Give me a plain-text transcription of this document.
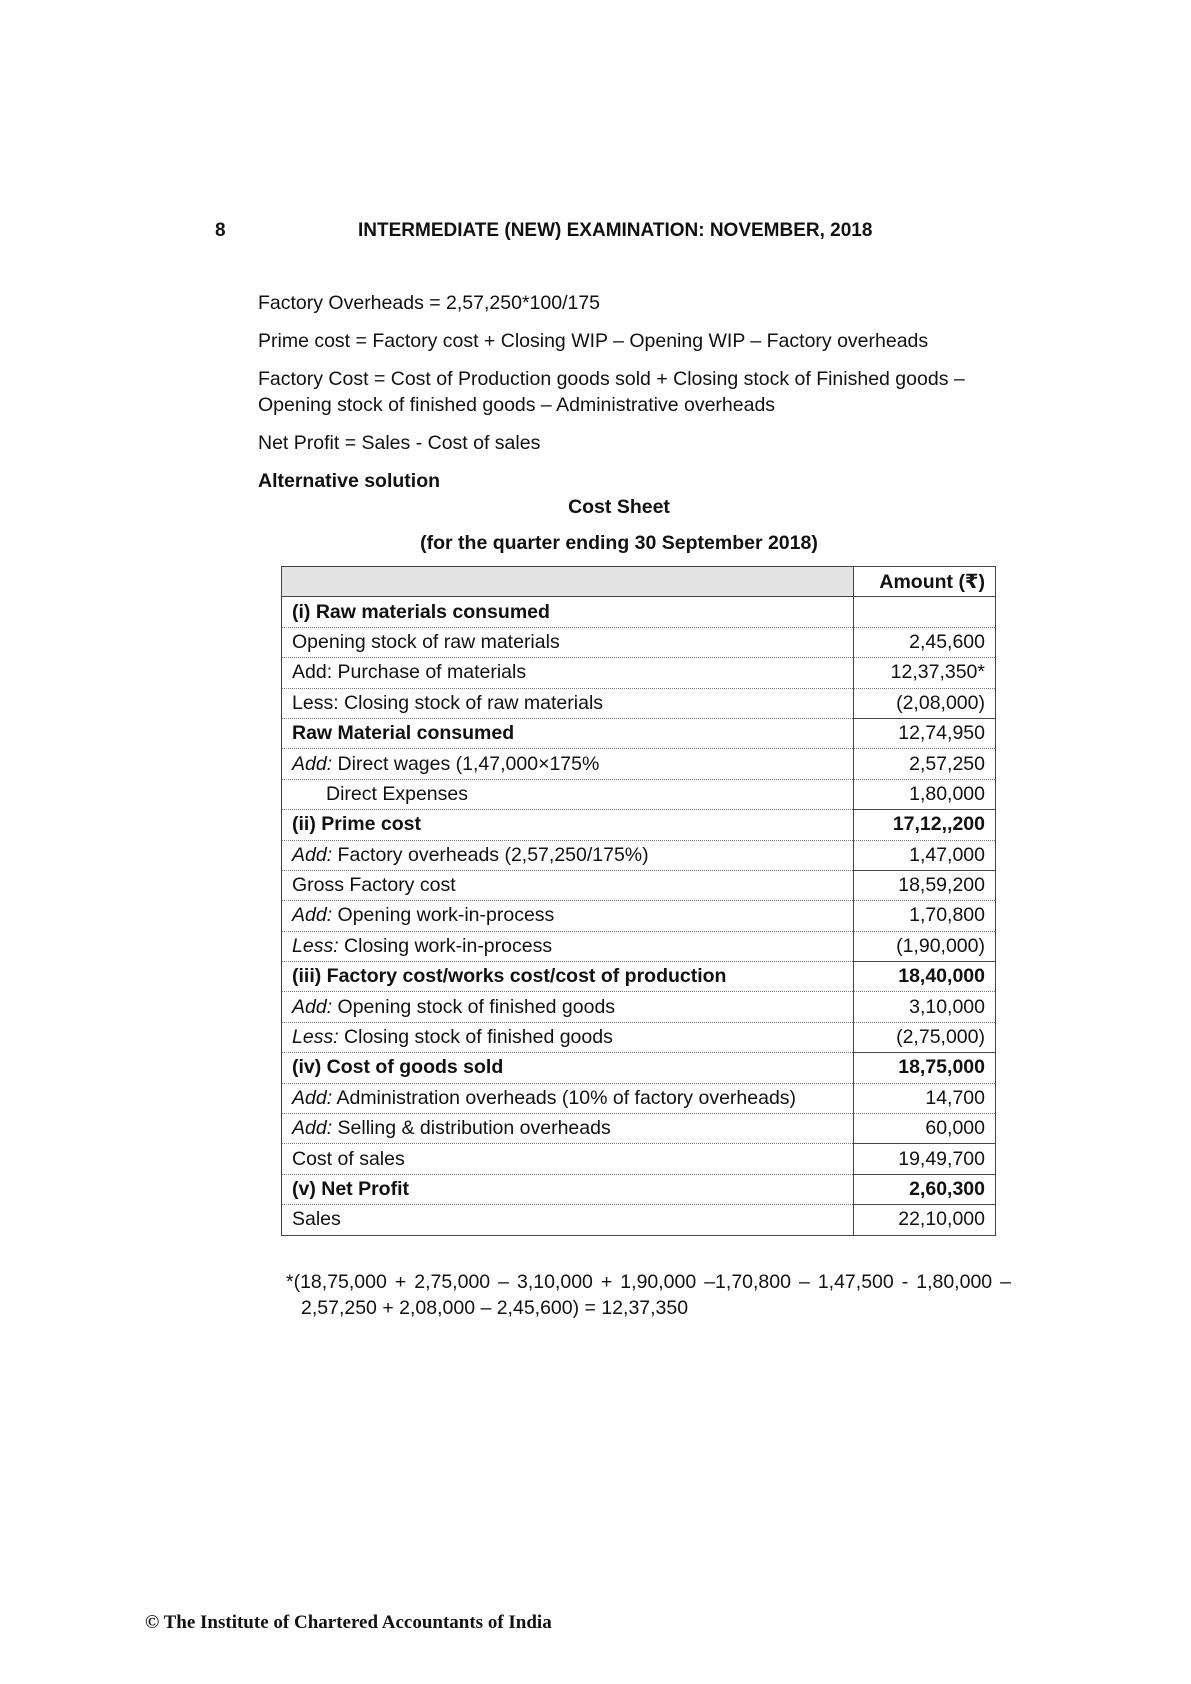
8	INTERMEDIATE (NEW) EXAMINATION: NOVEMBER, 2018

Factory Overheads = 2,57,250*100/175

Prime cost = Factory cost + Closing WIP – Opening WIP – Factory overheads

Factory Cost = Cost of Production goods sold + Closing stock of Finished goods – Opening stock of finished goods – Administrative overheads

Net Profit = Sales - Cost of sales

Alternative solution

Cost Sheet
(for the quarter ending 30 September 2018)
	Amount (₹)
(i) Raw materials consumed	
Opening stock of raw materials	2,45,600
Add: Purchase of materials	12,37,350*
Less: Closing stock of raw materials	(2,08,000)
Raw Material consumed	12,74,950
Add: Direct wages (1,47,000×175%	2,57,250
Direct Expenses	1,80,000
(ii) Prime cost	17,12,,200
Add: Factory overheads (2,57,250/175%)	1,47,000
Gross Factory cost	18,59,200
Add: Opening work-in-process	1,70,800
Less: Closing work-in-process	(1,90,000)
(iii) Factory cost/works cost/cost of production	18,40,000
Add: Opening stock of finished goods	3,10,000
Less: Closing stock of finished goods	(2,75,000)
(iv) Cost of goods sold	18,75,000
Add: Administration overheads (10% of factory overheads)	14,700
Add: Selling & distribution overheads	60,000
Cost of sales	19,49,700
(v) Net Profit	2,60,300
Sales	22,10,000
*(18,75,000 + 2,75,000 – 3,10,000 + 1,90,000 –1,70,800 – 1,47,500 - 1,80,000 –
2,57,250 + 2,08,000 – 2,45,600) = 12,37,350
© The Institute of Chartered Accountants of India
